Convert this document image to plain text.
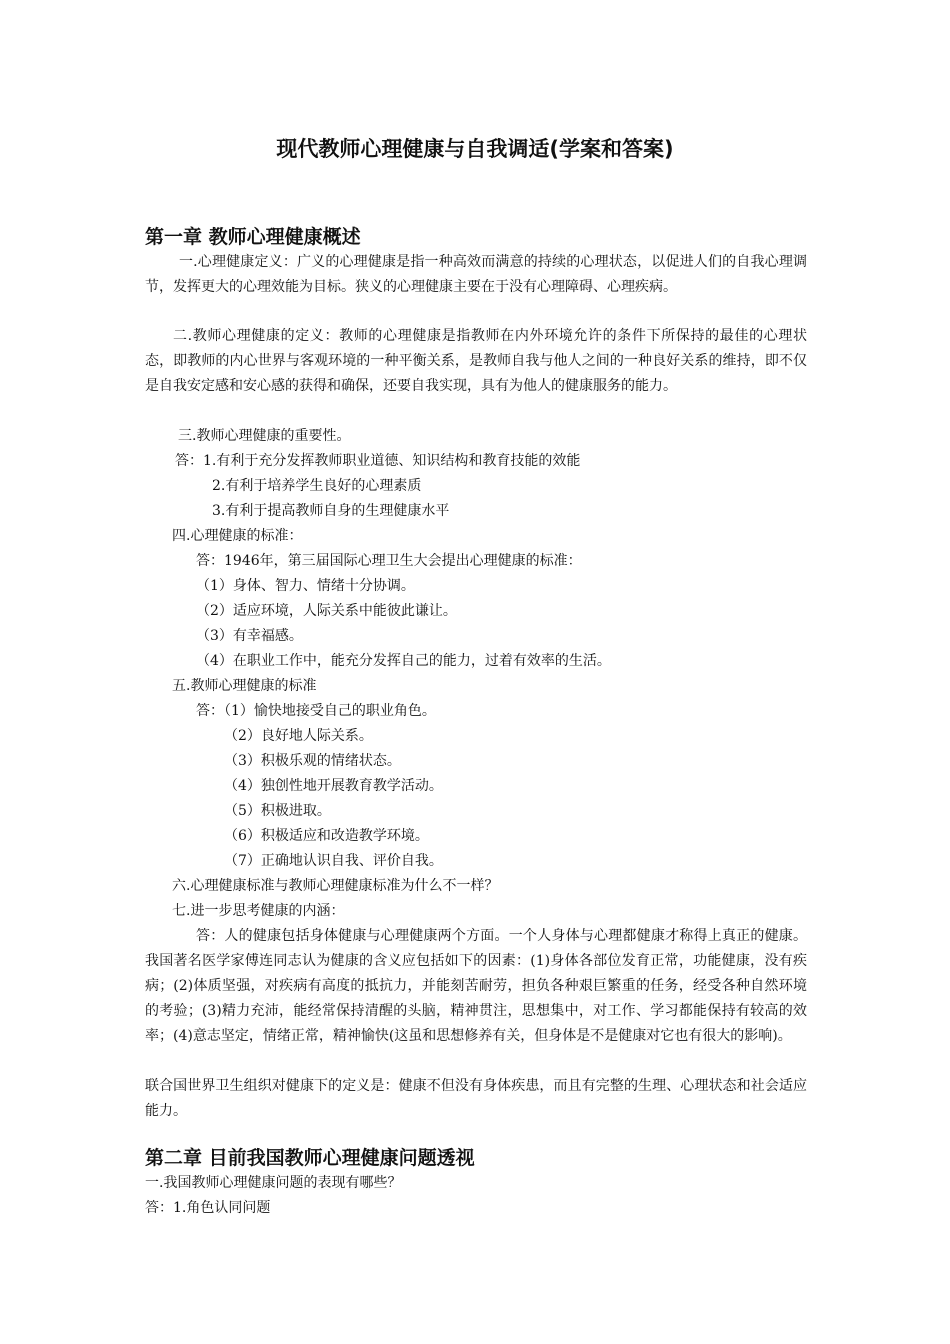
现代教师心理健康与自我调适(学案和答案)
第一章 教师心理健康概述
一.心理健康定义：广义的心理健康是指一种高效而满意的持续的心理状态，以促进人们的自我心理调节，发挥更大的心理效能为目标。狭义的心理健康主要在于没有心理障碍、心理疾病。
二.教师心理健康的定义：教师的心理健康是指教师在内外环境允许的条件下所保持的最佳的心理状态，即教师的内心世界与客观环境的一种平衡关系，是教师自我与他人之间的一种良好关系的维持，即不仅是自我安定感和安心感的获得和确保，还要自我实现，具有为他人的健康服务的能力。
三.教师心理健康的重要性。
答：1.有利于充分发挥教师职业道德、知识结构和教育技能的效能
2.有利于培养学生良好的心理素质
3.有利于提高教师自身的生理健康水平
四.心理健康的标准：
答：1946年，第三届国际心理卫生大会提出心理健康的标准：
（1）身体、智力、情绪十分协调。
（2）适应环境，人际关系中能彼此谦让。
（3）有幸福感。
（4）在职业工作中，能充分发挥自己的能力，过着有效率的生活。
五.教师心理健康的标准
答：（1）愉快地接受自己的职业角色。
（2）良好地人际关系。
（3）积极乐观的情绪状态。
（4）独创性地开展教育教学活动。
（5）积极进取。
（6）积极适应和改造教学环境。
（7）正确地认识自我、评价自我。
六.心理健康标准与教师心理健康标准为什么不一样？
七.进一步思考健康的内涵：
答：人的健康包括身体健康与心理健康两个方面。一个人身体与心理都健康才称得上真正的健康。我国著名医学家傅连同志认为健康的含义应包括如下的因素：(1)身体各部位发育正常，功能健康，没有疾病；(2)体质坚强，对疾病有高度的抵抗力，并能刻苦耐劳，担负各种艰巨繁重的任务，经受各种自然环境的考验；(3)精力充沛，能经常保持清醒的头脑，精神贯注，思想集中，对工作、学习都能保持有较高的效率；(4)意志坚定，情绪正常，精神愉快(这虽和思想修养有关，但身体是不是健康对它也有很大的影响)。
联合国世界卫生组织对健康下的定义是：健康不但没有身体疾患，而且有完整的生理、心理状态和社会适应能力。
第二章 目前我国教师心理健康问题透视
一.我国教师心理健康问题的表现有哪些？
答：1.角色认同问题
